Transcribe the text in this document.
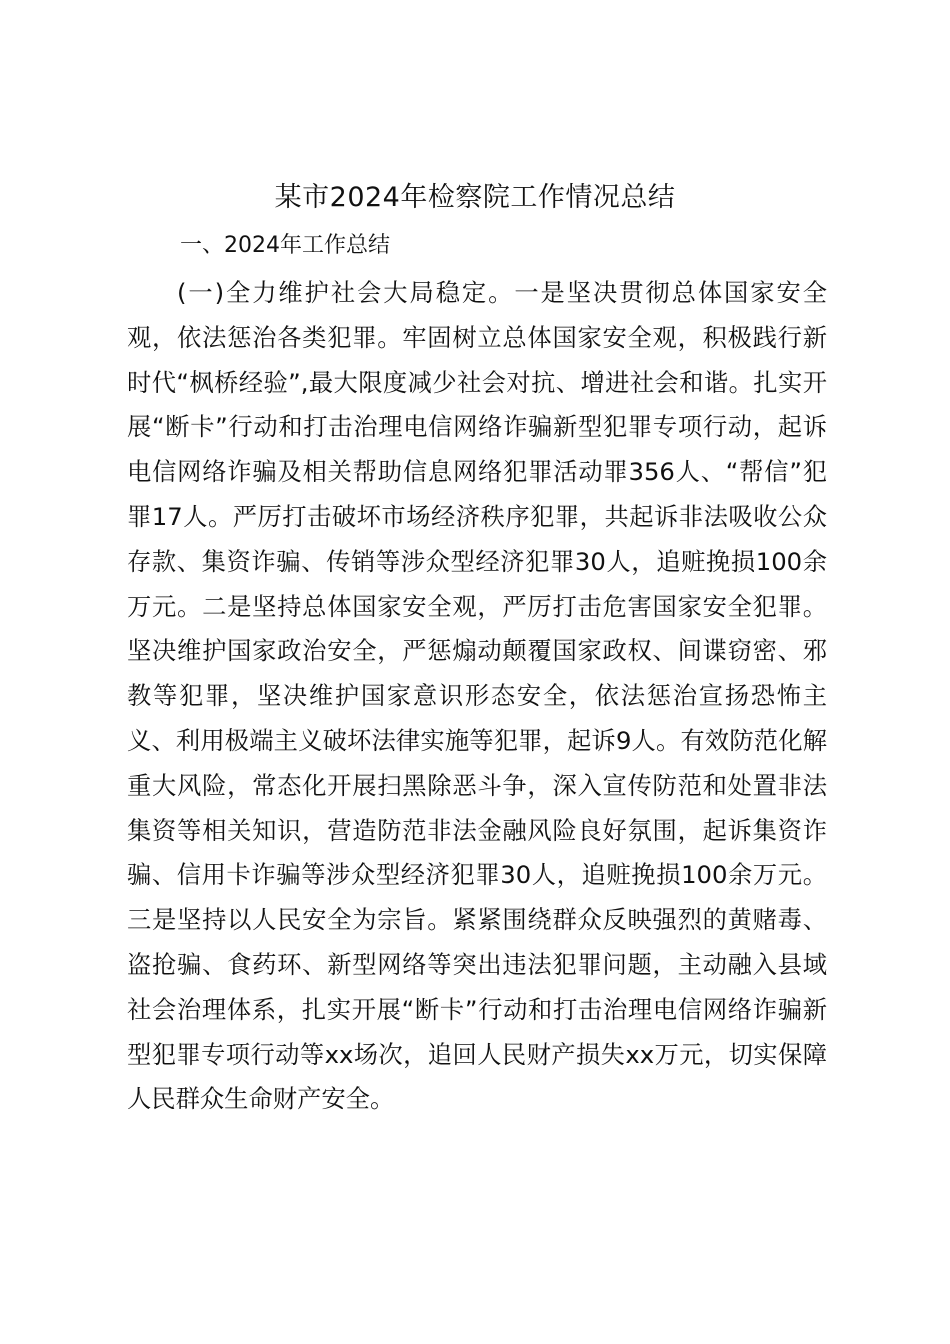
某市2024年检察院工作情况总结
一、2024年工作总结

(一)全力维护社会大局稳定。一是坚决贯彻总体国家安全观，依法惩治各类犯罪。牢固树立总体国家安全观，积极践行新时代“枫桥经验”,最大限度减少社会对抗、增进社会和谐。扎实开展“断卡”行动和打击治理电信网络诈骗新型犯罪专项行动，起诉电信网络诈骗及相关帮助信息网络犯罪活动罪356人、“帮信”犯罪17人。严厉打击破坏市场经济秩序犯罪，共起诉非法吸收公众存款、集资诈骗、传销等涉众型经济犯罪30人，追赃挽损100余万元。二是坚持总体国家安全观，严厉打击危害国家安全犯罪。坚决维护国家政治安全，严惩煽动颠覆国家政权、间谍窃密、邪教等犯罪，坚决维护国家意识形态安全，依法惩治宣扬恐怖主义、利用极端主义破坏法律实施等犯罪，起诉9人。有效防范化解重大风险，常态化开展扫黑除恶斗争，深入宣传防范和处置非法集资等相关知识，营造防范非法金融风险良好氛围，起诉集资诈骗、信用卡诈骗等涉众型经济犯罪30人，追赃挽损100余万元。三是坚持以人民安全为宗旨。紧紧围绕群众反映强烈的黄赌毒、盗抢骗、食药环、新型网络等突出违法犯罪问题，主动融入县域社会治理体系，扎实开展“断卡”行动和打击治理电信网络诈骗新型犯罪专项行动等xx场次，追回人民财产损失xx万元，切实保障人民群众生命财产安全。
